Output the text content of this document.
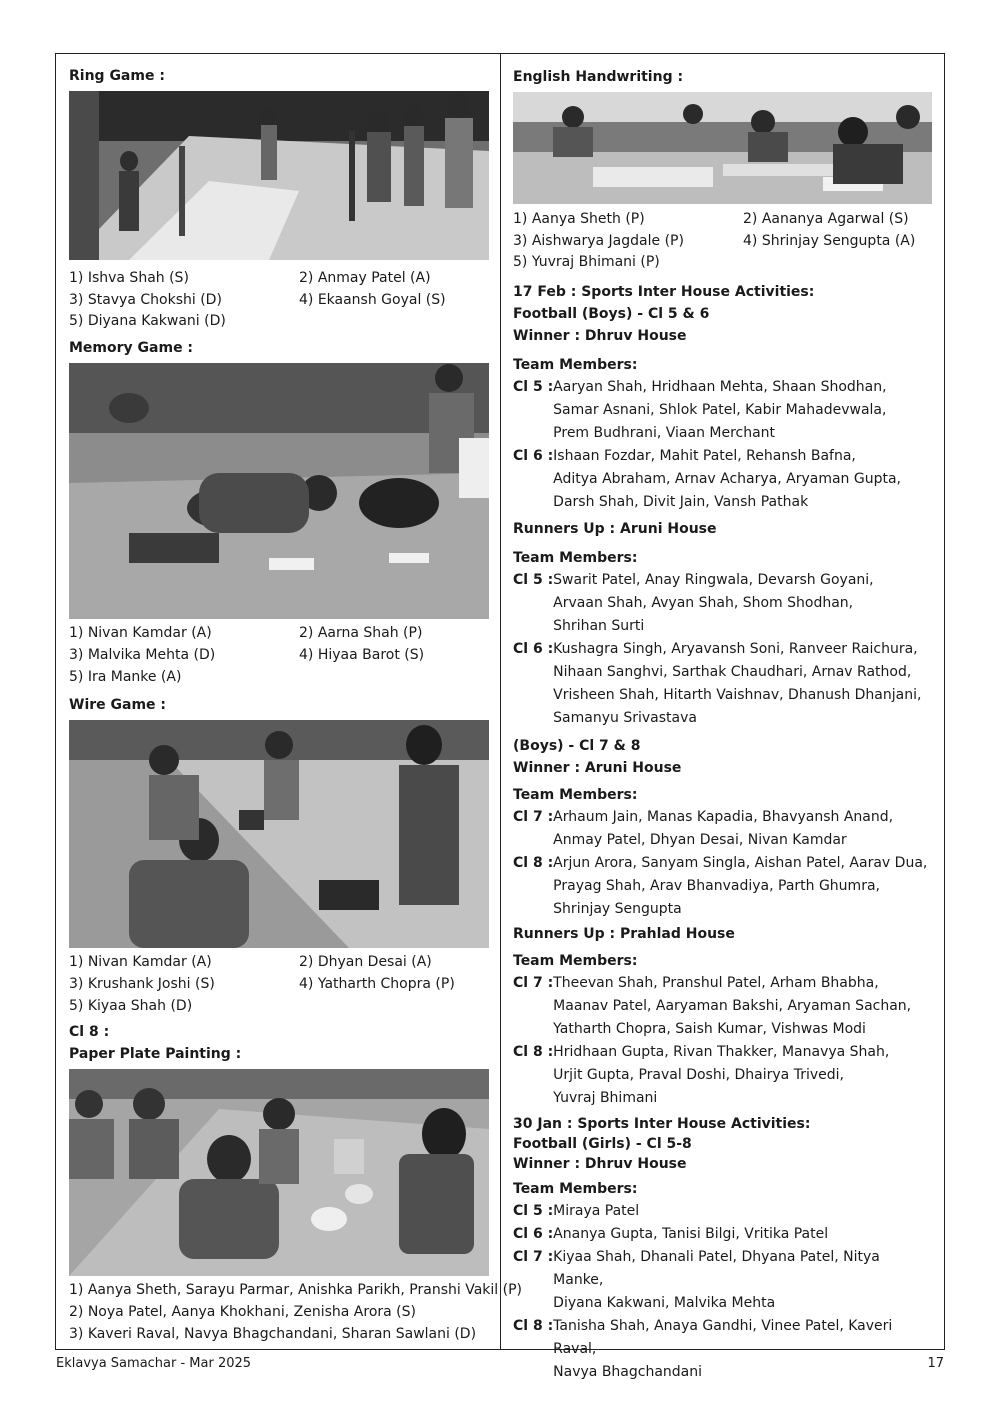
Ring Game :
1) Ishva Shah (S)	2) Anmay Patel (A)
3) Stavya Chokshi (D)	4) Ekaansh Goyal (S)
5) Diyana Kakwani (D)
Memory Game :
1) Nivan Kamdar (A)	2) Aarna Shah (P)
3) Malvika Mehta (D)	4) Hiyaa Barot (S)
5) Ira Manke (A)
Wire Game :
1) Nivan Kamdar (A)	2) Dhyan Desai (A)
3) Krushank Joshi (S)	4) Yatharth Chopra (P)
5) Kiyaa Shah (D)
Cl 8 :
Paper Plate Painting :
1) Aanya Sheth, Sarayu Parmar, Anishka Parikh, Pranshi Vakil (P)
2) Noya Patel, Aanya Khokhani, Zenisha Arora (S)
3) Kaveri Raval, Navya Bhagchandani, Sharan Sawlani (D)
English Handwriting :
1) Aanya Sheth (P)	2) Aananya Agarwal (S)
3) Aishwarya Jagdale (P)	4) Shrinjay Sengupta (A)
5) Yuvraj Bhimani (P)
17 Feb : Sports Inter House Activities:
Football (Boys) - Cl 5 & 6
Winner : Dhruv House
Team Members:
Cl 5 : Aaryan Shah, Hridhaan Mehta, Shaan Shodhan,
Samar Asnani, Shlok Patel, Kabir Mahadevwala,
Prem Budhrani, Viaan Merchant
Cl 6 : Ishaan Fozdar, Mahit Patel, Rehansh Bafna,
Aditya Abraham, Arnav Acharya, Aryaman Gupta,
Darsh Shah, Divit Jain, Vansh Pathak
Runners Up : Aruni House
Team Members:
Cl 5 : Swarit Patel, Anay Ringwala, Devarsh Goyani,
Arvaan Shah, Avyan Shah, Shom Shodhan,
Shrihan Surti
Cl 6 : Kushagra Singh, Aryavansh Soni, Ranveer Raichura,
Nihaan Sanghvi, Sarthak Chaudhari, Arnav Rathod,
Vrisheen Shah, Hitarth Vaishnav, Dhanush Dhanjani,
Samanyu Srivastava
(Boys) - Cl 7 & 8
Winner : Aruni House
Team Members:
Cl 7 : Arhaum Jain, Manas Kapadia, Bhavyansh Anand,
Anmay Patel, Dhyan Desai, Nivan Kamdar
Cl 8 : Arjun Arora, Sanyam Singla, Aishan Patel, Aarav Dua,
Prayag Shah, Arav Bhanvadiya, Parth Ghumra,
Shrinjay Sengupta
Runners Up : Prahlad House
Team Members:
Cl 7 : Theevan Shah, Pranshul Patel, Arham Bhabha,
Maanav Patel, Aaryaman Bakshi, Aryaman Sachan,
Yatharth Chopra, Saish Kumar, Vishwas Modi
Cl 8 : Hridhaan Gupta, Rivan Thakker, Manavya Shah,
Urjit Gupta, Praval Doshi, Dhairya Trivedi,
Yuvraj Bhimani
30 Jan : Sports Inter House Activities:
Football (Girls) - Cl 5-8
Winner : Dhruv House
Team Members:
Cl 5 : Miraya Patel
Cl 6 : Ananya Gupta, Tanisi Bilgi, Vritika Patel
Cl 7 : Kiyaa Shah, Dhanali Patel, Dhyana Patel, Nitya Manke,
Diyana Kakwani, Malvika Mehta
Cl 8 : Tanisha Shah, Anaya Gandhi, Vinee Patel, Kaveri Raval,
Navya Bhagchandani
Eklavya Samachar - Mar 2025	17
